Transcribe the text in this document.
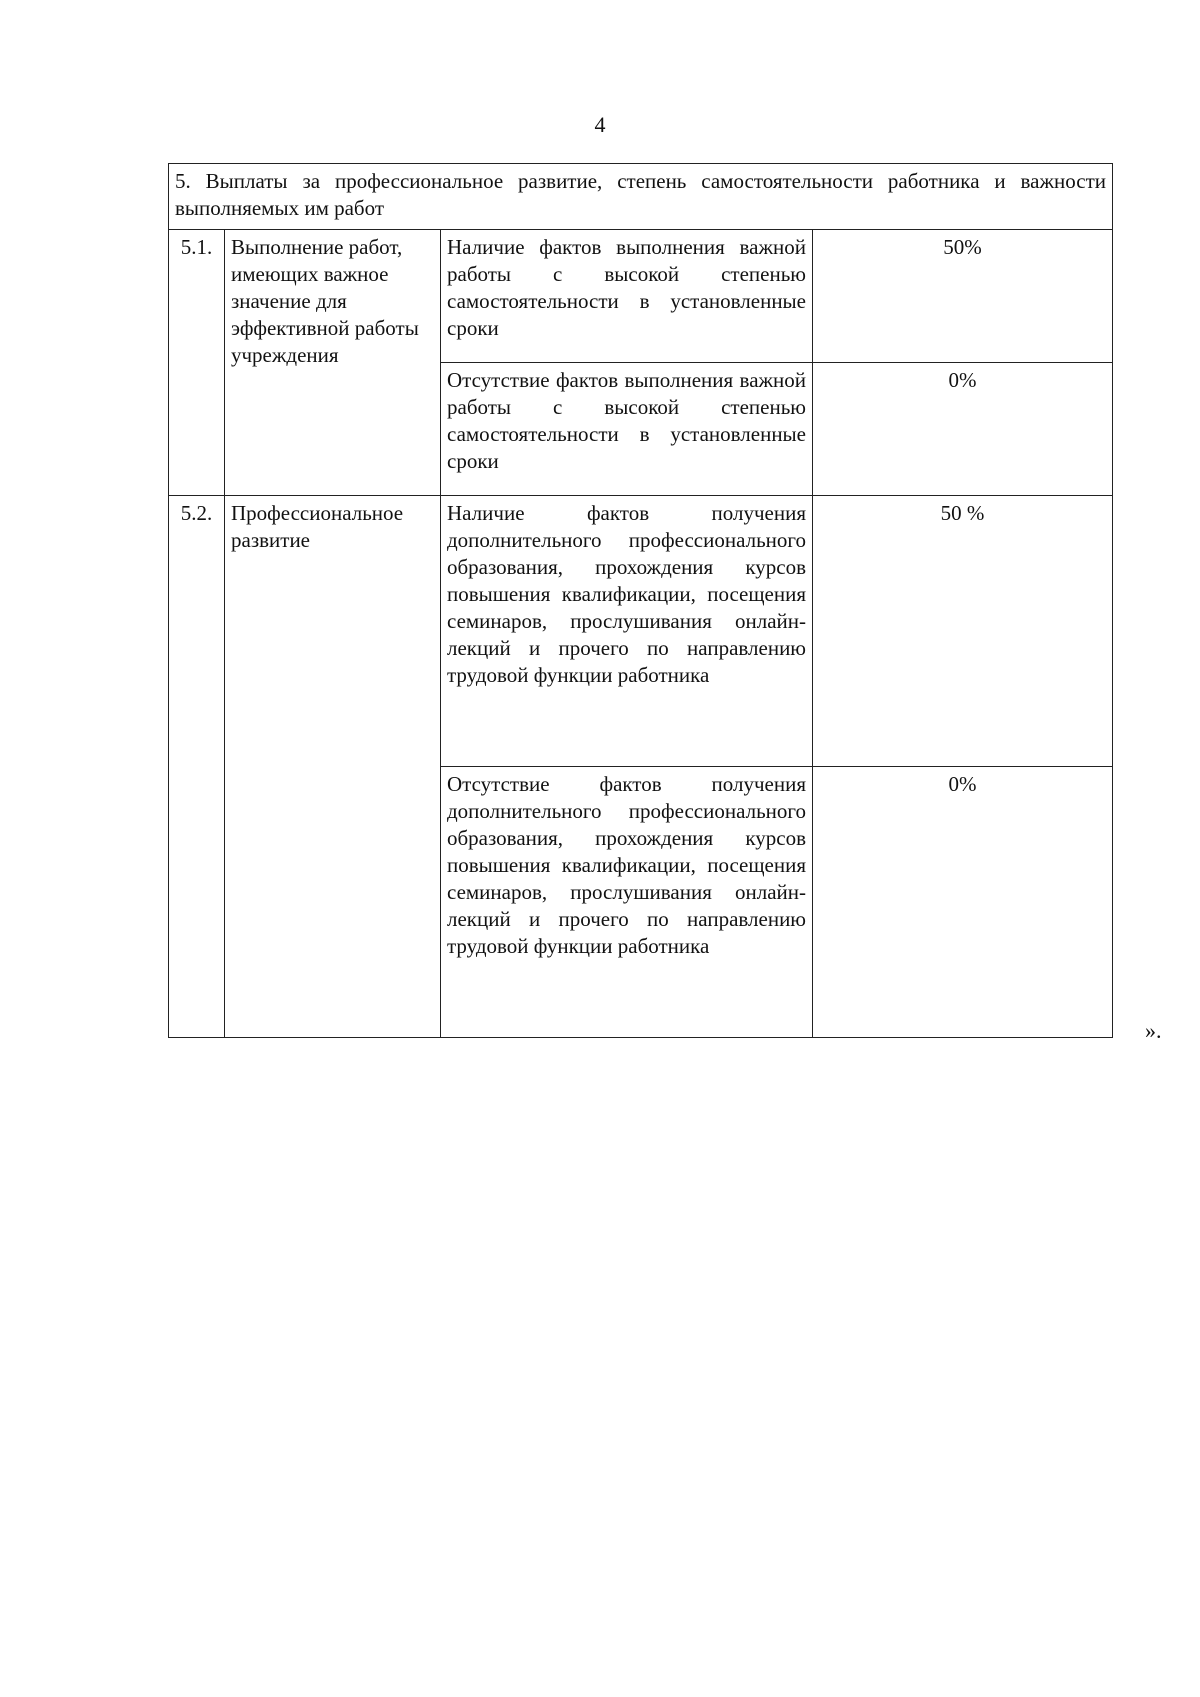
4
5. Выплаты за профессиональное развитие, степень самостоятельности работника и важности выполняемых им работ			
5.1.	Выполнение работ, имеющих важное значение для эффективной работы учреждения	Наличие фактов выполнения важной работы с высокой степенью самостоятельности в установленные сроки	50%
		Отсутствие фактов выполнения важной работы с высокой степенью самостоятельности в установленные сроки	0%
5.2.	Профессиональное развитие	Наличие фактов получения дополнительного профессионального образования, прохождения курсов повышения квалификации, посещения семинаров, прослушивания онлайн-лекций и прочего по направлению трудовой функции работника	50 %
		Отсутствие фактов получения дополнительного профессионального образования, прохождения курсов повышения квалификации, посещения семинаров, прослушивания онлайн-лекций и прочего по направлению трудовой функции работника	0%
».
